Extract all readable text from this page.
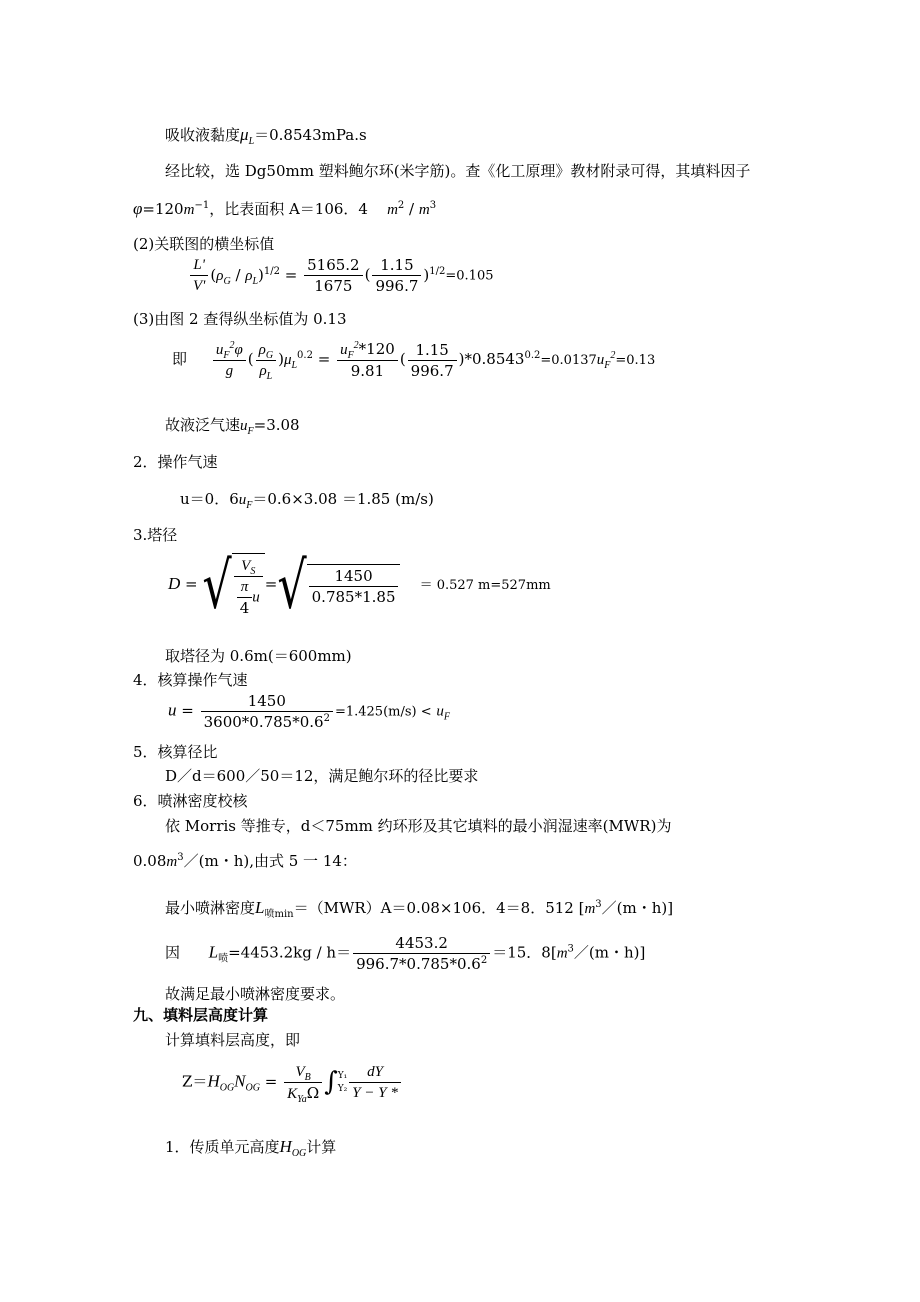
吸收液黏度$\mu_L=0.8543mPa.s$
经比较，选 Dg50mm 塑料鲍尔环(米字筋)。查《化工原理》教材附录可得，其填料因子
$\varphi=120m^{-1}$，比表面积 A＝106．4 $m^2 / m^3$
(2)关联图的横坐标值
$\frac{L'}{V'} (\rho_G / \rho_L)^{1/2} = \frac{5165.2}{1675}$ ( $\frac{1.15}{996.7} )^{1/2}=0.105$
(3)由图 2 查得纵坐标值为 0.13
即 $\frac{u_F^2\varphi}{g}$ ( $\frac{\rho_G}{\rho_L} )\mu_L^{0.2} = \frac{u_F^2*120}{9.81}$ ( $\frac{1.15}{996.7} )*0.8543^{0.2}=0.0137u_F^2=0.13$
故液泛气速$u_F=3.08$
2．操作气速
u＝0．$6u_F=0.6\times 3.08 =1.85$ (m/s)
3.塔径
D = √ $\frac{V_S}{\frac{\pi}{4} u}$ =√ $\frac{1450}{0.785*1.85} = 0.527$ m=527mm
取塔径为 0.6m(＝600mm)
4．核算操作气速
$u = \frac{1450}{3600*0.785*0.6^2} =1.425(m/s) < u_F$
5．核算径比
D／d＝600／50＝12，满足鲍尔环的径比要求
6．喷淋密度校核
依 Morris 等推专，d＜75mm 约环形及其它填料的最小润湿速率(MWR)为
$0.08m^3/(m$・h),由式 5 一 14：
最小喷淋密度$L_{喷min}=(MWR)A=0.08\times 106$．4＝8．512 [$m^3/(m$・h)]
因 $L_喷=4453.2kg / h= \frac{4453.2}{996.7*0.785*0.6^2} =15$．$8[m^3/(m$・h)]
故满足最小喷淋密度要求。
九、填料层高度计算
计算填料层高度，即
$Z=H_{OG}N_{OG} = \frac{V_B}{K_{Ya}\Omega}$ ∫ Y₁
$Y_2 \frac{dY}{Y - Y *}$
1．传质单元高度$H_{OG}$计算
